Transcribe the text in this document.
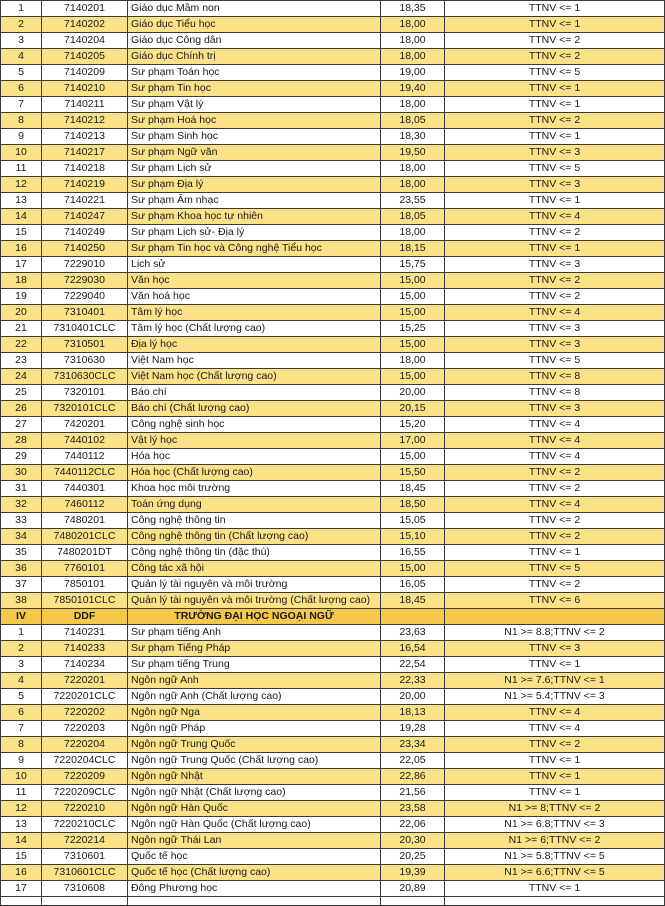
1	7140201	Giáo dục Mầm non	18,35	TTNV <= 1
2	7140202	Giáo dục Tiểu học	18,00	TTNV <= 1
3	7140204	Giáo dục Công dân	18,00	TTNV <= 2
4	7140205	Giáo dục Chính trị	18,00	TTNV <= 2
5	7140209	Sư phạm Toán học	19,00	TTNV <= 5
6	7140210	Sư phạm Tin học	19,40	TTNV <= 1
7	7140211	Sư phạm Vật lý	18,00	TTNV <= 1
8	7140212	Sư phạm Hoá học	18,05	TTNV <= 2
9	7140213	Sư phạm Sinh học	18,30	TTNV <= 1
10	7140217	Sư phạm Ngữ văn	19,50	TTNV <= 3
11	7140218	Sư phạm Lịch sử	18,00	TTNV <= 5
12	7140219	Sư phạm Địa lý	18,00	TTNV <= 3
13	7140221	Sư phạm Âm nhạc	23,55	TTNV <= 1
14	7140247	Sư phạm Khoa học tự nhiên	18,05	TTNV <= 4
15	7140249	Sư phạm Lịch sử- Địa lý	18,00	TTNV <= 2
16	7140250	Sư phạm Tin học và Công nghệ Tiểu học	18,15	TTNV <= 1
17	7229010	Lịch sử	15,75	TTNV <= 3
18	7229030	Văn học	15,00	TTNV <= 2
19	7229040	Văn hoá học	15,00	TTNV <= 2
20	7310401	Tâm lý học	15,00	TTNV <= 4
21	7310401CLC	Tâm lý học (Chất lượng cao)	15,25	TTNV <= 3
22	7310501	Địa lý học	15,00	TTNV <= 3
23	7310630	Việt Nam học	18,00	TTNV <= 5
24	7310630CLC	Việt Nam học (Chất lượng cao)	15,00	TTNV <= 8
25	7320101	Báo chí	20,00	TTNV <= 8
26	7320101CLC	Báo chí (Chất lượng cao)	20,15	TTNV <= 3
27	7420201	Công nghệ sinh học	15,20	TTNV <= 4
28	7440102	Vật lý học	17,00	TTNV <= 4
29	7440112	Hóa học	15,00	TTNV <= 4
30	7440112CLC	Hóa học (Chất lượng cao)	15,50	TTNV <= 2
31	7440301	Khoa học môi trường	18,45	TTNV <= 2
32	7460112	Toán ứng dụng	18,50	TTNV <= 4
33	7480201	Công nghệ thông tin	15,05	TTNV <= 2
34	7480201CLC	Công nghệ thông tin (Chất lượng cao)	15,10	TTNV <= 2
35	7480201DT	Công nghệ thông tin (đặc thù)	16,55	TTNV <= 1
36	7760101	Công tác xã hội	15,00	TTNV <= 5
37	7850101	Quản lý tài nguyên và môi trường	16,05	TTNV <= 2
38	7850101CLC	Quản lý tài nguyên và môi trường (Chất lượng cao)	18,45	TTNV <= 6
IV	DDF	TRƯỜNG ĐẠI HỌC NGOẠI NGỮ		
1	7140231	Sư phạm tiếng Anh	23,63	N1 >= 8.8;TTNV <= 2
2	7140233	Sư phạm Tiếng Pháp	16,54	TTNV <= 3
3	7140234	Sư phạm tiếng Trung	22,54	TTNV <= 1
4	7220201	Ngôn ngữ Anh	22,33	N1 >= 7.6;TTNV <= 1
5	7220201CLC	Ngôn ngữ Anh (Chất lượng cao)	20,00	N1 >= 5.4;TTNV <= 3
6	7220202	Ngôn ngữ Nga	18,13	TTNV <= 4
7	7220203	Ngôn ngữ Pháp	19,28	TTNV <= 4
8	7220204	Ngôn ngữ Trung Quốc	23,34	TTNV <= 2
9	7220204CLC	Ngôn ngữ Trung Quốc (Chất lượng cao)	22,05	TTNV <= 1
10	7220209	Ngôn ngữ Nhật	22,86	TTNV <= 1
11	7220209CLC	Ngôn ngữ Nhật (Chất lượng cao)	21,56	TTNV <= 1
12	7220210	Ngôn ngữ Hàn Quốc	23,58	N1 >= 8;TTNV <= 2
13	7220210CLC	Ngôn ngữ Hàn Quốc (Chất lượng cao)	22,06	N1 >= 6.8;TTNV <= 3
14	7220214	Ngôn ngữ Thái Lan	20,30	N1 >= 6;TTNV <= 2
15	7310601	Quốc tế học	20,25	N1 >= 5.8;TTNV <= 5
16	7310601CLC	Quốc tế học (Chất lượng cao)	19,39	N1 >= 6.6;TTNV <= 5
17	7310608	Đông Phương học	20,89	TTNV <= 1
